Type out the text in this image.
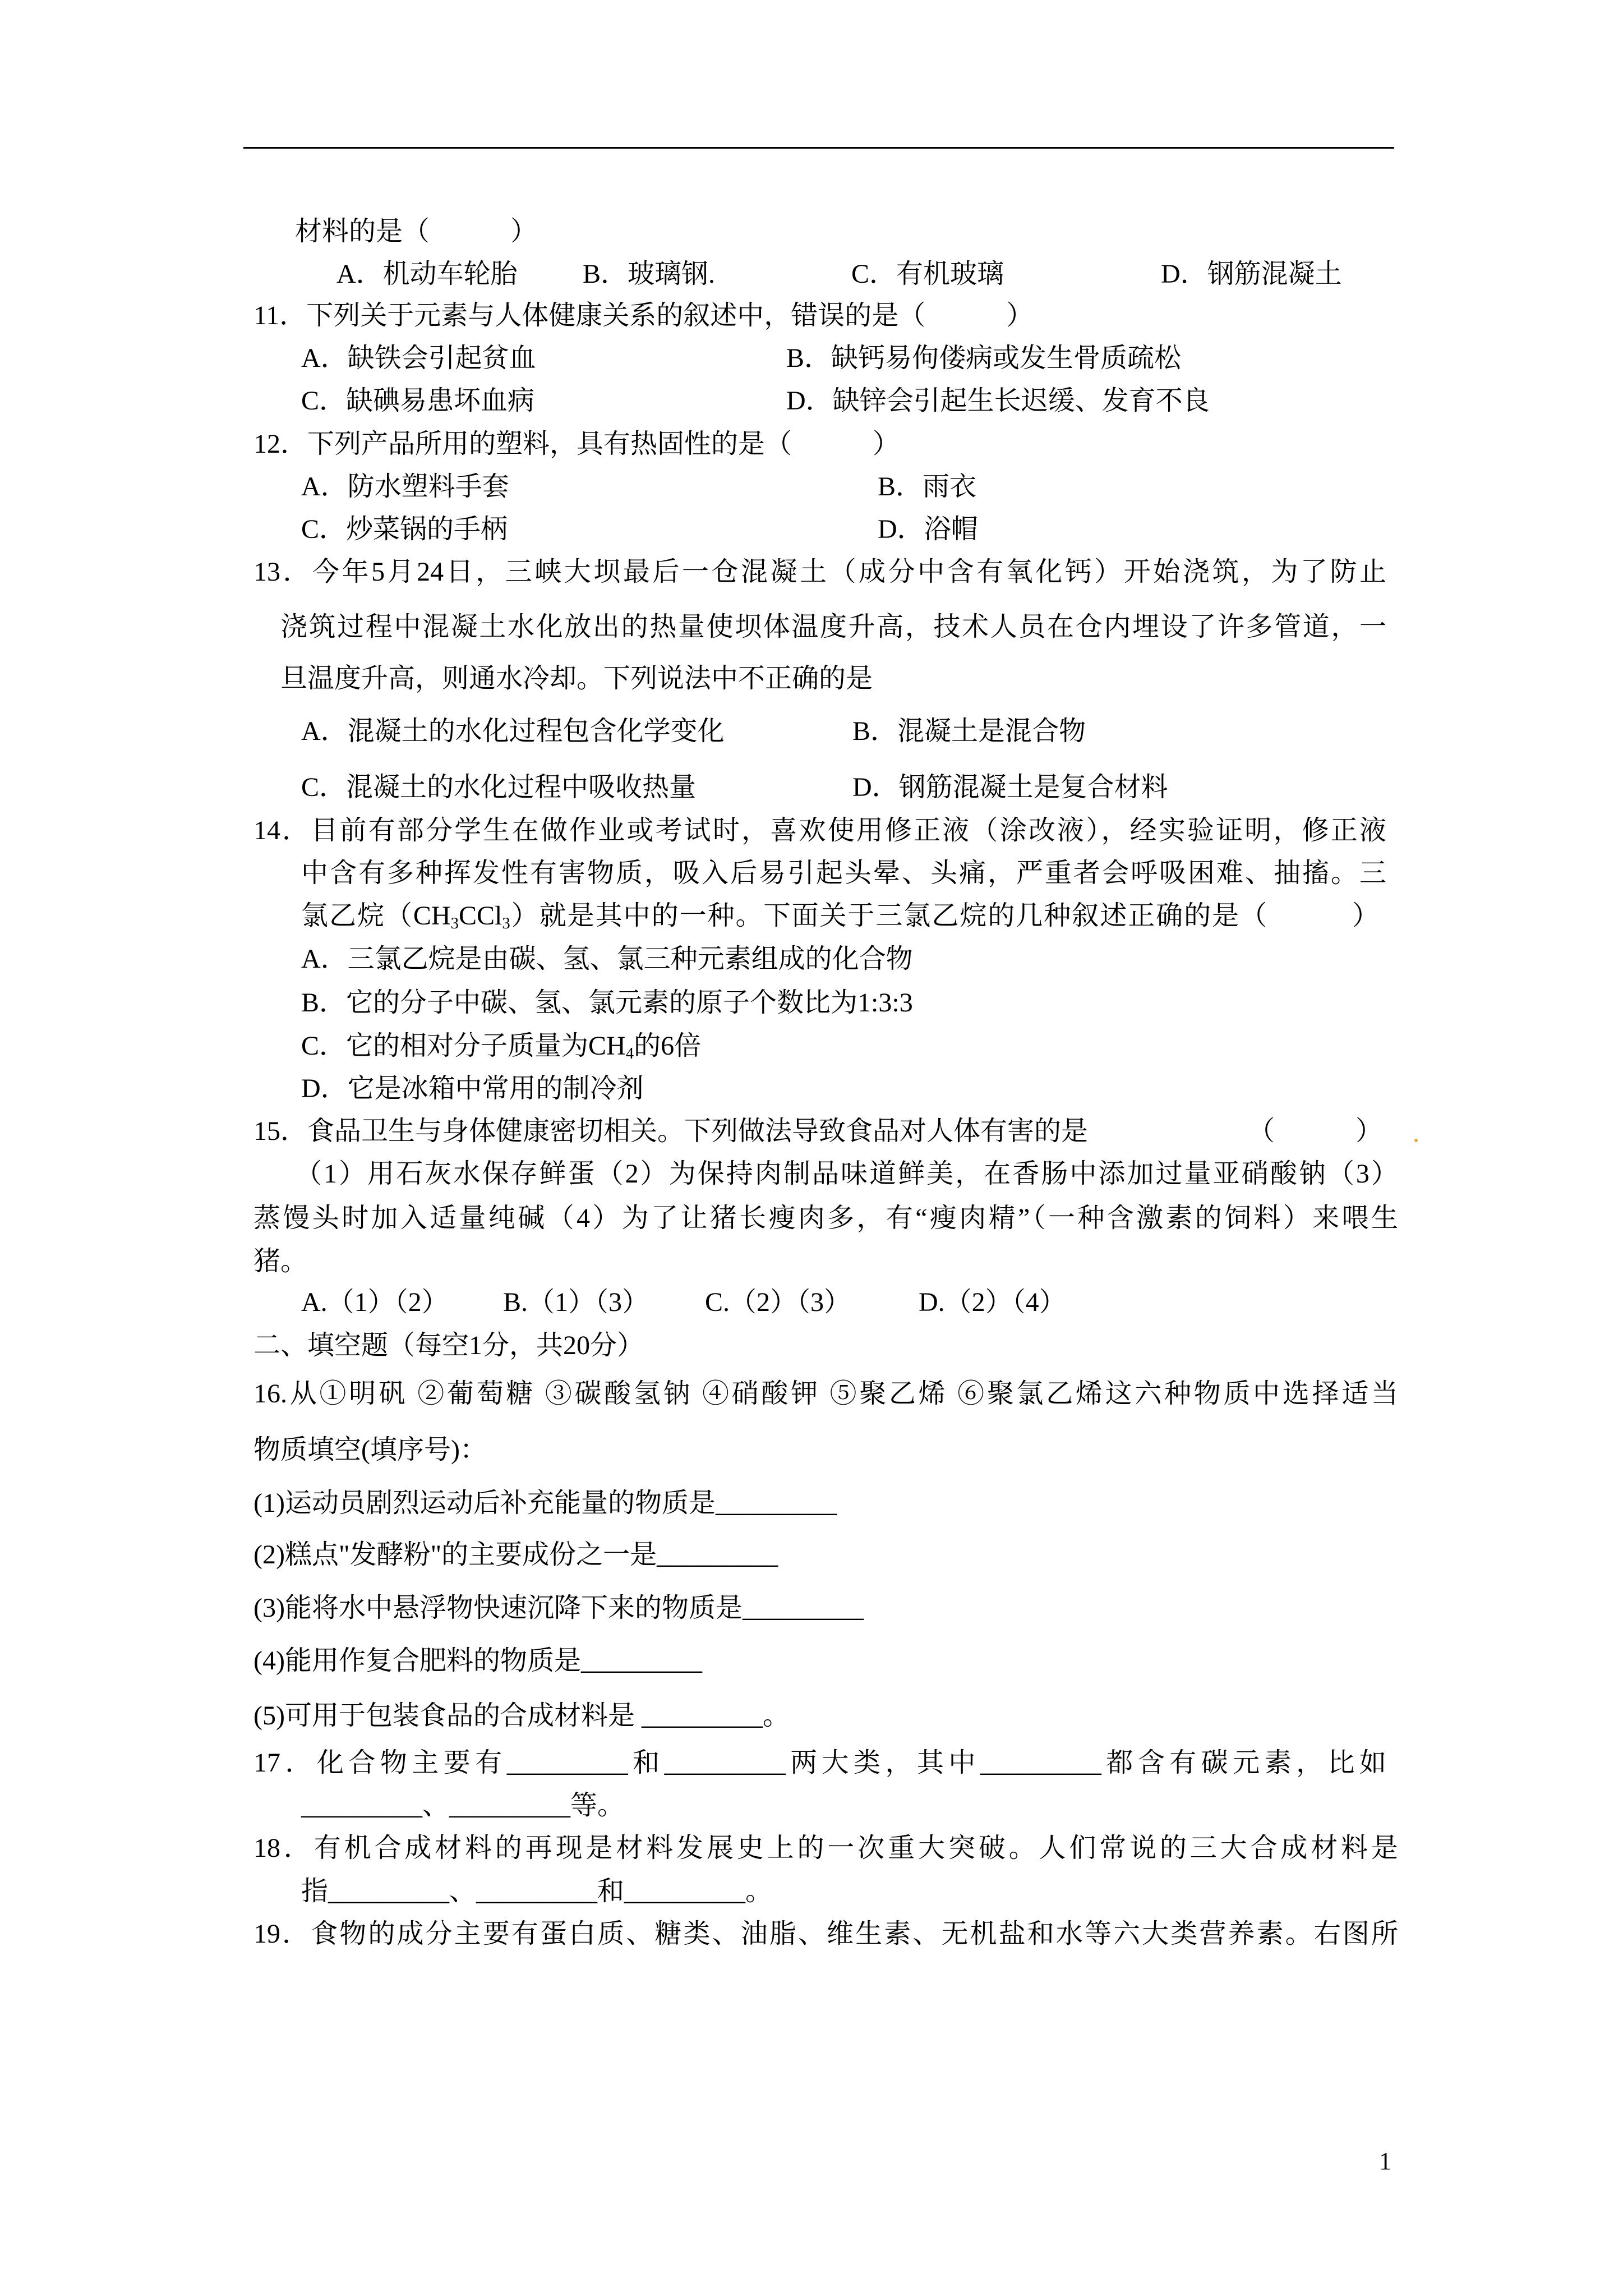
材料的是（　　　）
A．机动车轮胎 B．玻璃钢.	C．有机玻璃	D．钢筋混凝土
11．下列关于元素与人体健康关系的叙述中，错误的是（　　　）
A．缺铁会引起贫血	B．缺钙易佝偻病或发生骨质疏松
C．缺碘易患坏血病	D．缺锌会引起生长迟缓、发育不良
12．下列产品所用的塑料，具有热固性的是（　　　）
A．防水塑料手套	B．雨衣
C．炒菜锅的手柄	D．浴帽
13．今年5月24日，三峡大坝最后一仓混凝土（成分中含有氧化钙）开始浇筑，为了防止
浇筑过程中混凝土水化放出的热量使坝体温度升高，技术人员在仓内埋设了许多管道，一
旦温度升高，则通水冷却。下列说法中不正确的是
A．混凝土的水化过程包含化学变化	B．混凝土是混合物
C．混凝土的水化过程中吸收热量	D．钢筋混凝土是复合材料
14．目前有部分学生在做作业或考试时，喜欢使用修正液（涂改液），经实验证明，修正液
中含有多种挥发性有害物质，吸入后易引起头晕、头痛，严重者会呼吸困难、抽搐。三
氯乙烷$(CH_3CCl_3)$就是其中的一种。下面关于三氯乙烷的几种叙述正确的是（　　　）
A．三氯乙烷是由碳、氢、氯三种元素组成的化合物
B．它的分子中碳、氢、氯元素的原子个数比为1:3:3
C．它的相对分子质量为$CH_4$的6倍
D．它是冰箱中常用的制冷剂
15．食品卫生与身体健康密切相关。下列做法导致食品对人体有害的是	（　　　）
（1）用石灰水保存鲜蛋（2）为保持肉制品味道鲜美，在香肠中添加过量亚硝酸钠（3）
蒸馒头时加入适量纯碱（4）为了让猪长瘦肉多，有“瘦肉精”（一种含激素的饲料）来喂生
猪。
A.（1）（2） B.（1）（3） C.（2）（3）	D.（2）（4）
二、填空题（每空1分，共20分）
16.从①明矾 ②葡萄糖 ③碳酸氢钠 ④硝酸钾 ⑤聚乙烯 ⑥聚氯乙烯这六种物质中选择适当
物质填空(填序号)：
(1)运动员剧烈运动后补充能量的物质是_________
(2)糕点"发酵粉"的主要成份之一是_________
(3)能将水中悬浮物快速沉降下来的物质是_________
(4)能用作复合肥料的物质是_________
(5)可用于包装食品的合成材料是 _________。
17．化合物主要有_________和_________两大类，其中_________都含有碳元素，比如
_________、_________等。
18．有机合成材料的再现是材料发展史上的一次重大突破。人们常说的三大合成材料是
指_________、_________和_________。
19．食物的成分主要有蛋白质、糖类、油脂、维生素、无机盐和水等六大类营养素。右图所
1
